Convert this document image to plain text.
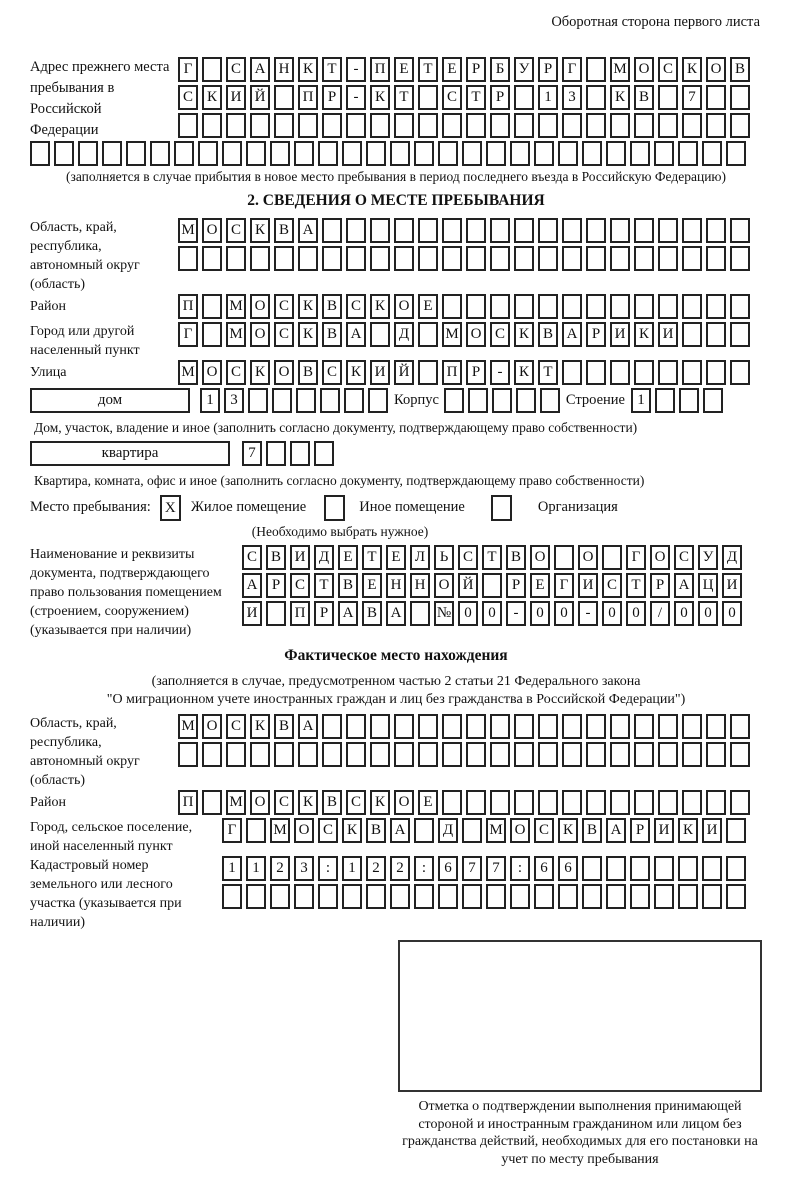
Оборотная сторона первого листа
Адрес прежнего места пребывания в Российской Федерации
Г	С А Н К Т - П Е Т Е Р Б У Р Г М О С К О В
С К И Й П Р - К Т	С Т Р	1 3	К В	7
(заполняется в случае прибытия в новое место пребывания в период последнего въезда в Российскую Федерацию)
2. СВЕДЕНИЯ О МЕСТЕ ПРЕБЫВАНИЯ
Область, край, республика, автономный округ (область)
М О С К В А
Район	П М О С К В С К О Е
Город или другой населенный пункт
Г М О С К В А Д М О С К В А Р И К И
Улица	М О С К О В С К И Й П Р - К Т
дом	1 3	Корпус	Строение 1
Дом, участок, владение и иное (заполнить согласно документу, подтверждающему право собственности)
квартира	7
Квартира, комната, офис и иное (заполнить согласно документу, подтверждающему право собственности)
Место пребывания: X	Жилое помещение	Иное помещение	Организация
(Необходимо выбрать нужное)
Наименование и реквизиты документа, подтверждающего право пользования помещением (строением, сооружением) (указывается при наличии)
С В И Д Е Т Е Л Ь С Т В О О	Г О С У Д
А Р С Т В Е Н Н О Й	Р Е Г И С Т Р А Ц И
И П Р А В А № 0 0 - 0 0 - 0 0 / 0 0 0
Фактическое место нахождения
(заполняется в случае, предусмотренном частью 2 статьи 21 Федерального закона
"О миграционном учете иностранных граждан и лиц без гражданства в Российской Федерации")
Область, край, республика, автономный округ (область)
М О С К В А
Район	П М О С К В С К О Е
Город, сельское поселение, иной населенный пункт
Г М О С К В А Д М О С К В А Р И К И
Кадастровый номер земельного или лесного участка (указывается при наличии)
1 1 2 3 : 1 2 2 : 6 7 7 : 6 6
Отметка о подтверждении выполнения принимающей стороной и иностранным гражданином или лицом без гражданства действий, необходимых для его постановки на учет по месту пребывания
